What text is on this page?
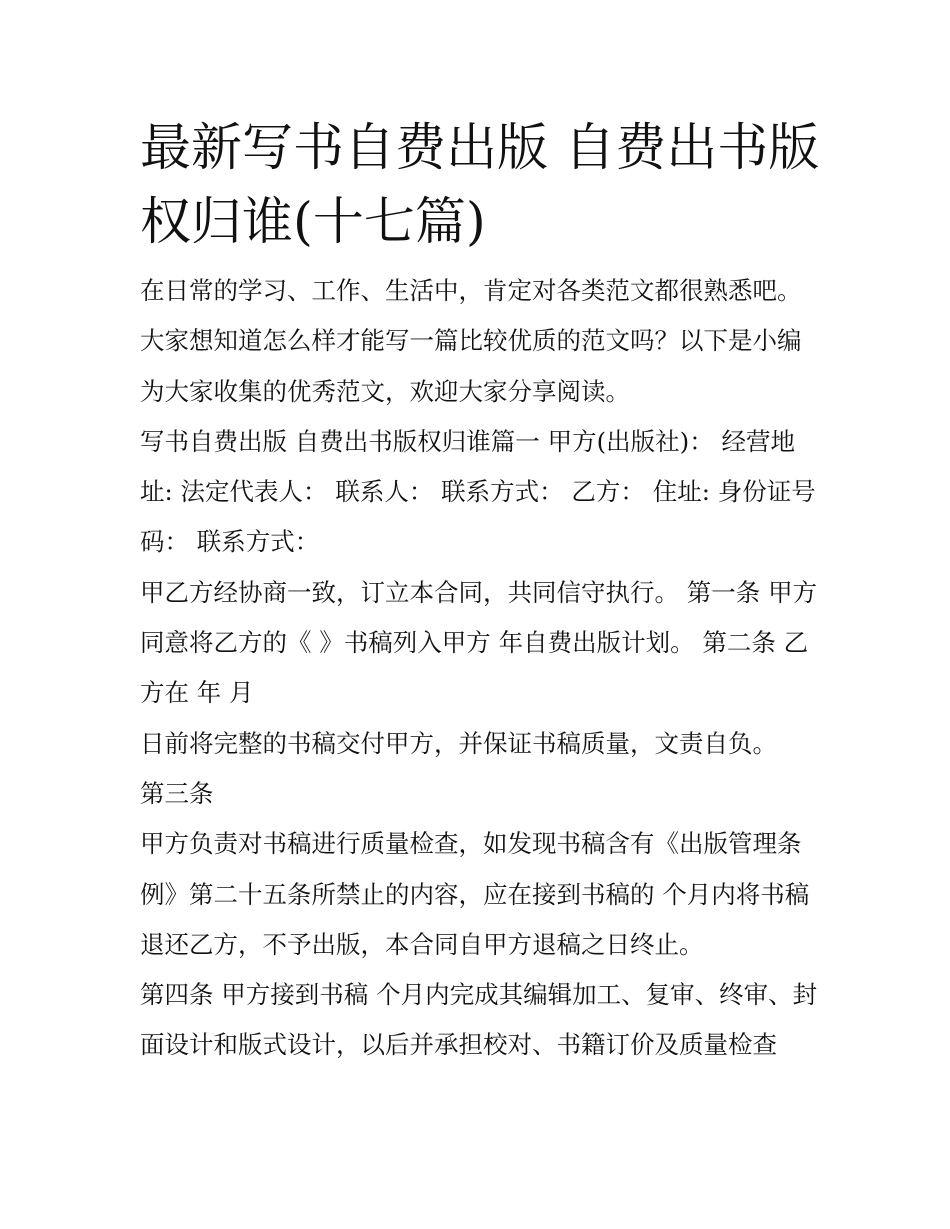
最新写书自费出版 自费出书版权归谁(十七篇)

在日常的学习、工作、生活中，肯定对各类范文都很熟悉吧。大家想知道怎么样才能写一篇比较优质的范文吗？以下是小编为大家收集的优秀范文，欢迎大家分享阅读。

写书自费出版 自费出书版权归谁篇一 甲方(出版社)： 经营地址: 法定代表人： 联系人： 联系方式： 乙方： 住址: 身份证号码： 联系方式：

甲乙方经协商一致，订立本合同，共同信守执行。 第一条 甲方同意将乙方的《 》书稿列入甲方 年自费出版计划。 第二条 乙方在 年 月

日前将完整的书稿交付甲方，并保证书稿质量，文责自负。

第三条

甲方负责对书稿进行质量检查，如发现书稿含有《出版管理条例》第二十五条所禁止的内容，应在接到书稿的 个月内将书稿退还乙方，不予出版，本合同自甲方退稿之日终止。

第四条 甲方接到书稿 个月内完成其编辑加工、复审、终审、封面设计和版式设计，以后并承担校对、书籍订价及质量检查
